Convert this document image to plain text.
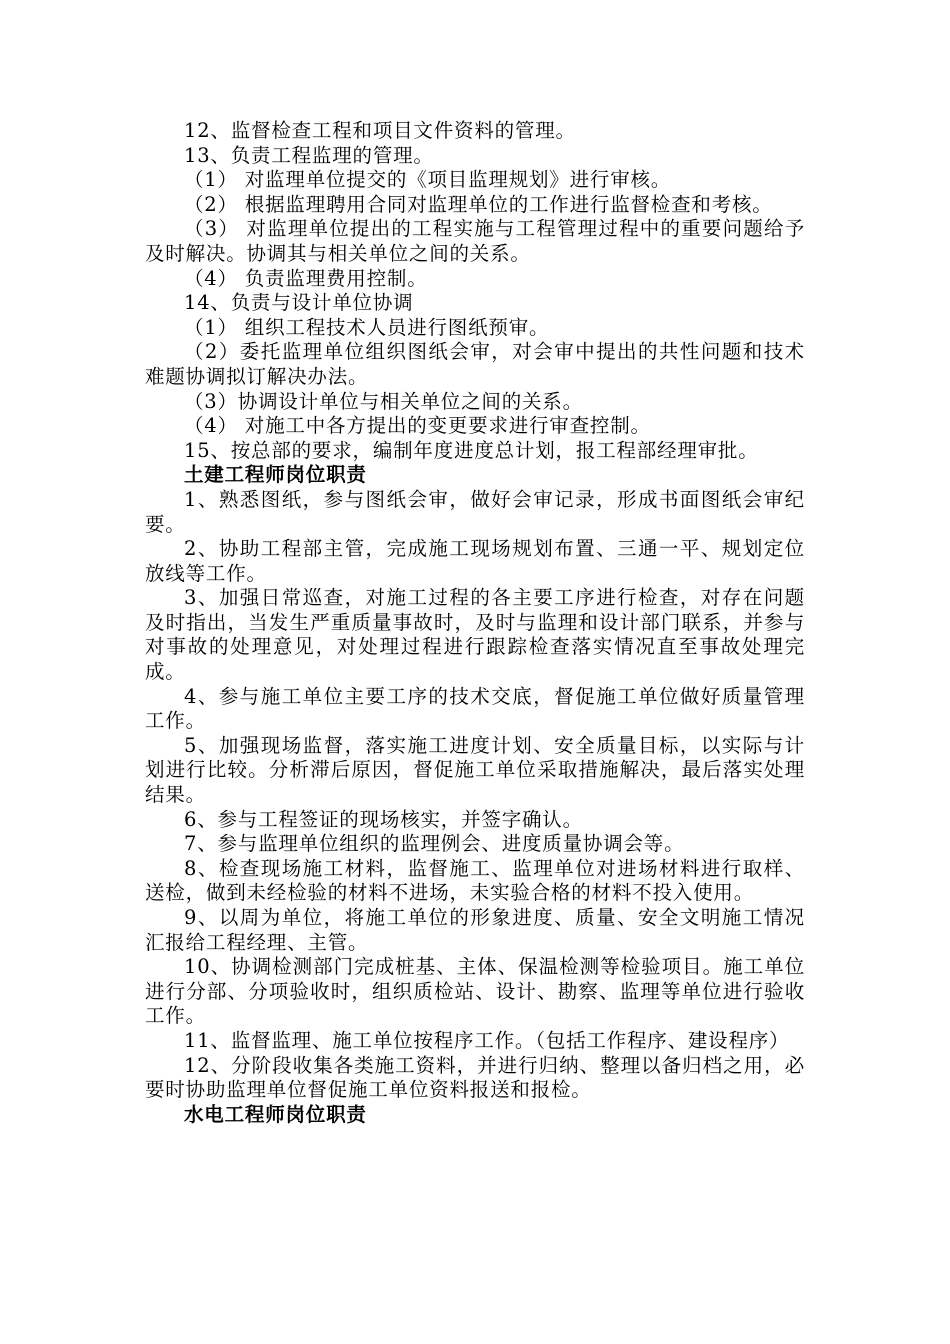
12、监督检查工程和项目文件资料的管理。

13、负责工程监理的管理。

（1） 对监理单位提交的《项目监理规划》进行审核。

（2） 根据监理聘用合同对监理单位的工作进行监督检查和考核。

（3） 对监理单位提出的工程实施与工程管理过程中的重要问题给予及时解决。协调其与相关单位之间的关系。

（4） 负责监理费用控制。

14、负责与设计单位协调

（1） 组织工程技术人员进行图纸预审。

（2）委托监理单位组织图纸会审，对会审中提出的共性问题和技术难题协调拟订解决办法。

（3）协调设计单位与相关单位之间的关系。

（4） 对施工中各方提出的变更要求进行审查控制。

15、按总部的要求，编制年度进度总计划，报工程部经理审批。

土建工程师岗位职责

1、熟悉图纸，参与图纸会审，做好会审记录，形成书面图纸会审纪要。

2、协助工程部主管，完成施工现场规划布置、三通一平、规划定位放线等工作。

3、加强日常巡查，对施工过程的各主要工序进行检查，对存在问题及时指出，当发生严重质量事故时，及时与监理和设计部门联系，并参与对事故的处理意见，对处理过程进行跟踪检查落实情况直至事故处理完成。

4、参与施工单位主要工序的技术交底，督促施工单位做好质量管理工作。

5、加强现场监督，落实施工进度计划、安全质量目标，以实际与计划进行比较。分析滞后原因，督促施工单位采取措施解决，最后落实处理结果。

6、参与工程签证的现场核实，并签字确认。

7、参与监理单位组织的监理例会、进度质量协调会等。

8、检查现场施工材料，监督施工、监理单位对进场材料进行取样、送检，做到未经检验的材料不进场，未实验合格的材料不投入使用。

9、以周为单位，将施工单位的形象进度、质量、安全文明施工情况汇报给工程经理、主管。

10、协调检测部门完成桩基、主体、保温检测等检验项目。施工单位进行分部、分项验收时，组织质检站、设计、勘察、监理等单位进行验收工作。

11、监督监理、施工单位按程序工作。（包括工作程序、建设程序）

12、分阶段收集各类施工资料，并进行归纳、整理以备归档之用，必要时协助监理单位督促施工单位资料报送和报检。

水电工程师岗位职责
